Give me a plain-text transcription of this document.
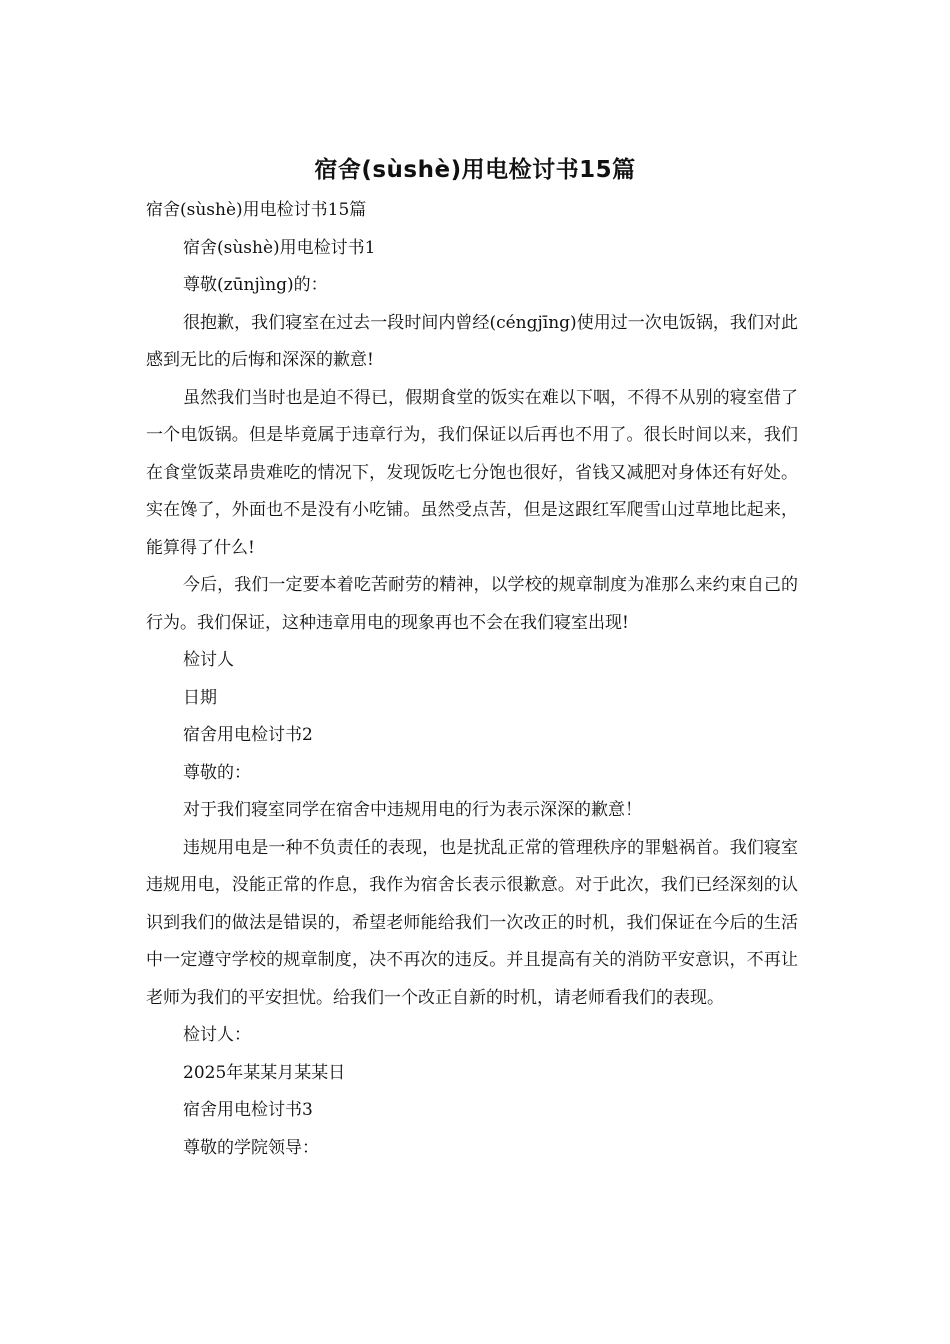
宿舍(sùshè)用电检讨书15篇

宿舍(sùshè)用电检讨书15篇

宿舍(sùshè)用电检讨书1

尊敬(zūnjìng)的：

很抱歉，我们寝室在过去一段时间内曾经(céngjīng)使用过一次电饭锅，我们对此感到无比的后悔和深深的歉意!

虽然我们当时也是迫不得已，假期食堂的饭实在难以下咽，不得不从别的寝室借了一个电饭锅。但是毕竟属于违章行为，我们保证以后再也不用了。很长时间以来，我们在食堂饭菜昂贵难吃的情况下，发现饭吃七分饱也很好，省钱又减肥对身体还有好处。实在馋了，外面也不是没有小吃铺。虽然受点苦，但是这跟红军爬雪山过草地比起来，能算得了什么!

今后，我们一定要本着吃苦耐劳的精神，以学校的规章制度为准那么来约束自己的行为。我们保证，这种违章用电的现象再也不会在我们寝室出现!

检讨人

日期

宿舍用电检讨书2

尊敬的：

对于我们寝室同学在宿舍中违规用电的行为表示深深的歉意！

违规用电是一种不负责任的表现，也是扰乱正常的管理秩序的罪魁祸首。我们寝室违规用电，没能正常的作息，我作为宿舍长表示很歉意。对于此次，我们已经深刻的认识到我们的做法是错误的，希望老师能给我们一次改正的时机，我们保证在今后的生活中一定遵守学校的规章制度，决不再次的违反。并且提高有关的消防平安意识，不再让老师为我们的平安担忧。给我们一个改正自新的时机，请老师看我们的表现。

检讨人：

2025年某某月某某日

宿舍用电检讨书3

尊敬的学院领导：
